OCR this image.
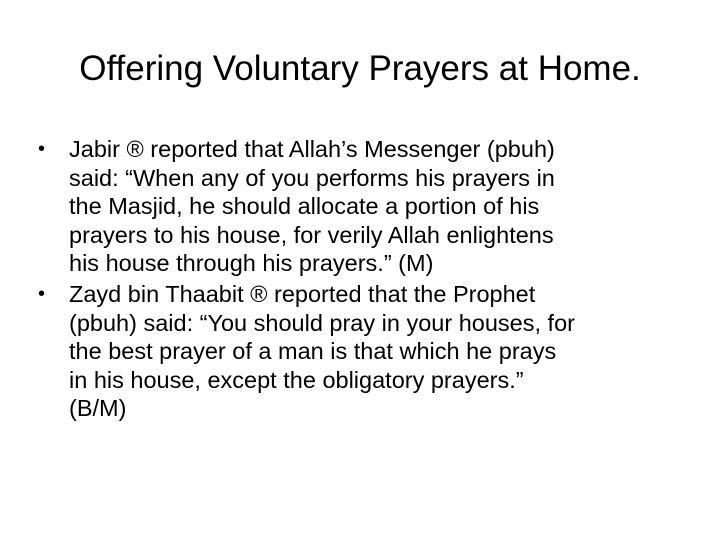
Offering Voluntary Prayers at Home.
• Jabir ® reported that Allah’s Messenger (pbuh)
said: “When any of you performs his prayers in
the Masjid, he should allocate a portion of his
prayers to his house, for verily Allah enlightens
his house through his prayers.” (M)
• Zayd bin Thaabit ® reported that the Prophet
(pbuh) said: “You should pray in your houses, for
the best prayer of a man is that which he prays
in his house, except the obligatory prayers.”
(B/M)
